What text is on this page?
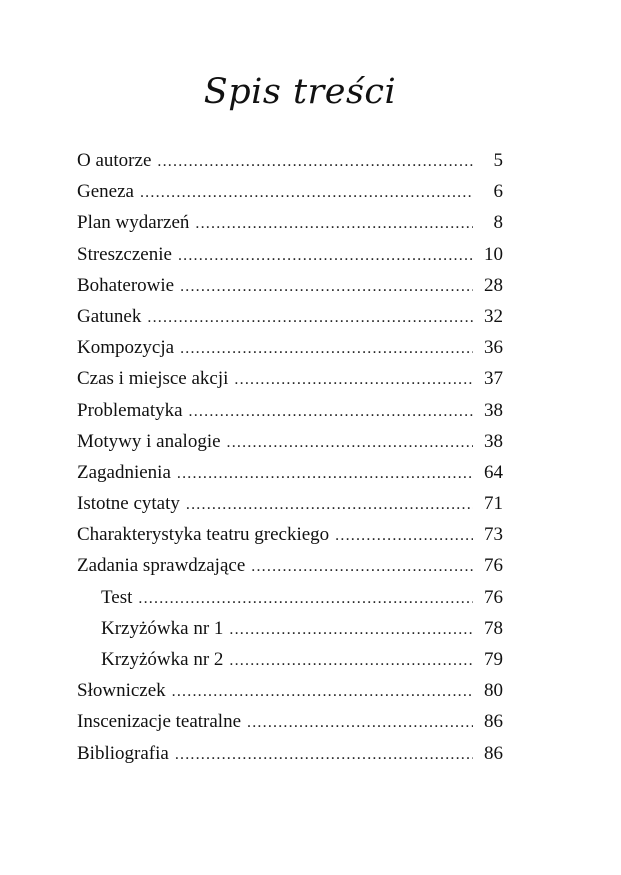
Spis treści
O autorze .....	5
Geneza .....	6
Plan wydarzeń .....	8
Streszczenie .....	10
Bohaterowie .....	28
Gatunek .....	32
Kompozycja .....	36
Czas i miejsce akcji .....	37
Problematyka .....	38
Motywy i analogie .....	38
Zagadnienia .....	64
Istotne cytaty .....	71
Charakterystyka teatru greckiego .....	73
Zadania sprawdzające .....	76
Test .....	76
Krzyżówka nr 1 .....	78
Krzyżówka nr 2 .....	79
Słowniczek .....	80
Inscenizacje teatralne .....	86
Bibliografia .....	86
